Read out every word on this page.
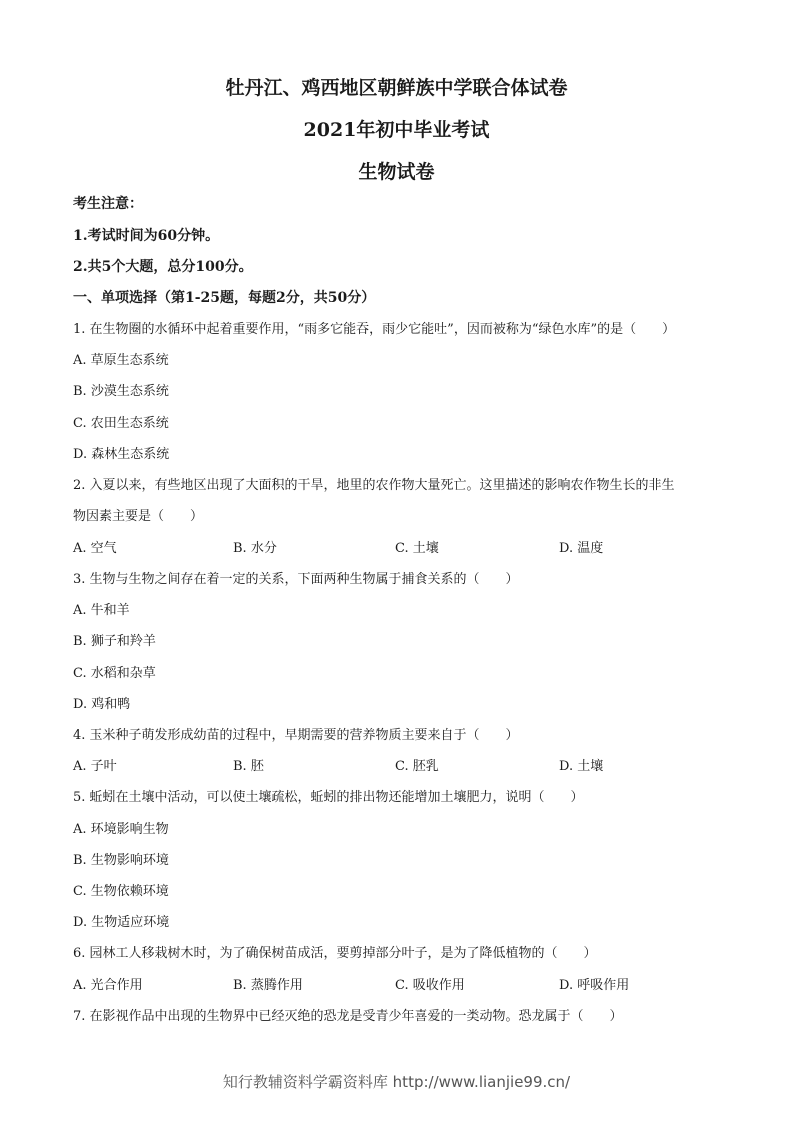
牡丹江、鸡西地区朝鲜族中学联合体试卷
2021年初中毕业考试
生物试卷
考生注意：
1.考试时间为60分钟。
2.共5个大题，总分100分。
一、单项选择（第1-25题，每题2分，共50分）
1. 在生物圈的水循环中起着重要作用，“雨多它能吞，雨少它能吐”，因而被称为“绿色水库”的是（　　）
A. 草原生态系统
B. 沙漠生态系统
C. 农田生态系统
D. 森林生态系统
2. 入夏以来，有些地区出现了大面积的干旱，地里的农作物大量死亡。这里描述的影响农作物生长的非生
物因素主要是（　　）
A. 空气	B. 水分	C. 土壤	D. 温度
3. 生物与生物之间存在着一定的关系，下面两种生物属于捕食关系的（　　）
A. 牛和羊
B. 狮子和羚羊
C. 水稻和杂草
D. 鸡和鸭
4. 玉米种子萌发形成幼苗的过程中，早期需要的营养物质主要来自于（　　）
A. 子叶	B. 胚	C. 胚乳	D. 土壤
5. 蚯蚓在土壤中活动，可以使土壤疏松，蚯蚓的排出物还能增加土壤肥力，说明（　　）
A. 环境影响生物
B. 生物影响环境
C. 生物依赖环境
D. 生物适应环境
6. 园林工人移栽树木时，为了确保树苗成活，要剪掉部分叶子，是为了降低植物的（　　）
A. 光合作用	B. 蒸腾作用	C. 吸收作用	D. 呼吸作用
7. 在影视作品中出现的生物界中已经灭绝的恐龙是受青少年喜爱的一类动物。恐龙属于（　　）
知行教辅资料学霸资料库 http://www.lianjie99.cn/
